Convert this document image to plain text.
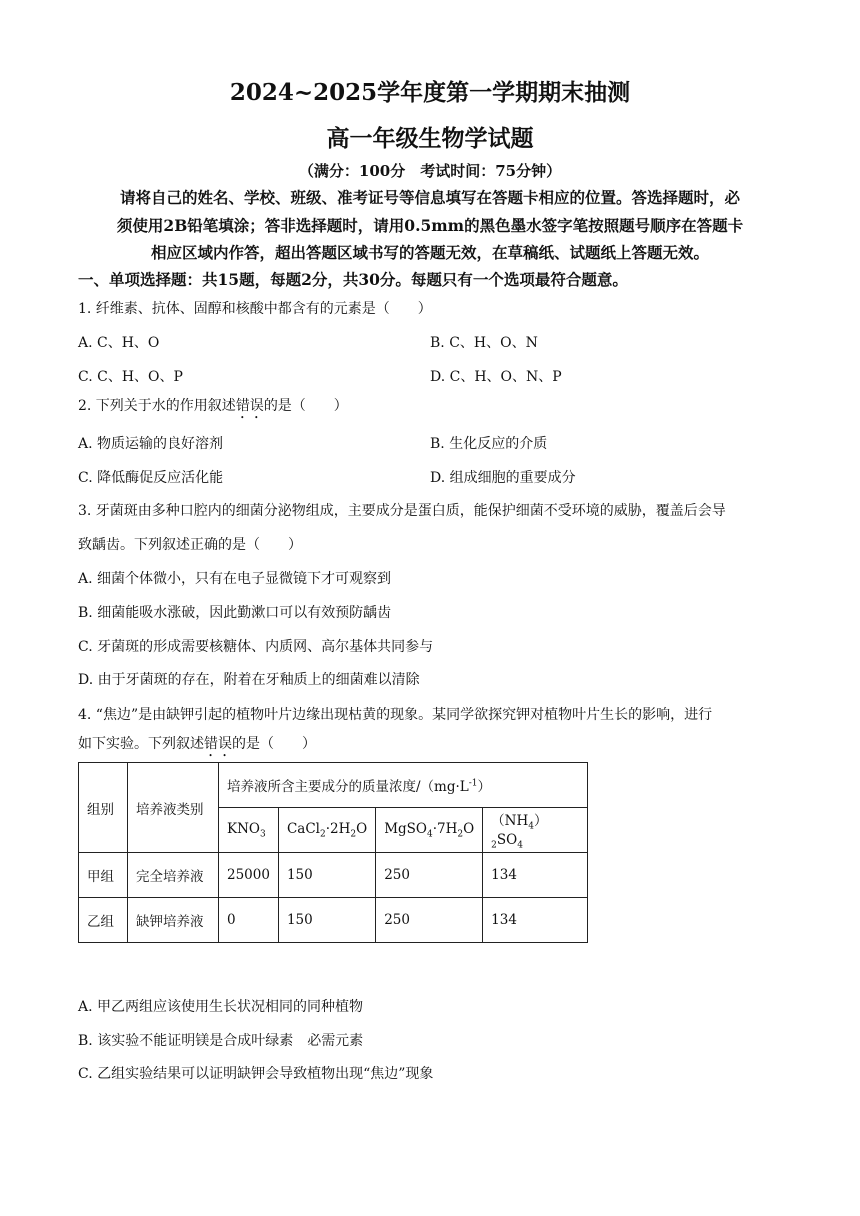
2024~2025学年度第一学期期末抽测
高一年级生物学试题
（满分：100分　考试时间：75分钟）
请将自己的姓名、学校、班级、准考证号等信息填写在答题卡相应的位置。答选择题时，必
须使用2B铅笔填涂；答非选择题时，请用0.5mm的黑色墨水签字笔按照题号顺序在答题卡
相应区域内作答，超出答题区域书写的答题无效，在草稿纸、试题纸上答题无效。
一、单项选择题：共15题，每题2分，共30分。每题只有一个选项最符合题意。
1. 纤维素、抗体、固醇和核酸中都含有的元素是（　　）
A. C、H、O	B. C、H、O、N
C. C、H、O、P	D. C、H、O、N、P
2. 下列关于水的作用叙述错误的是（　　）
A. 物质运输的良好溶剂	B. 生化反应的介质
C. 降低酶促反应活化能	D. 组成细胞的重要成分
3. 牙菌斑由多种口腔内的细菌分泌物组成，主要成分是蛋白质，能保护细菌不受环境的威胁，覆盖后会导
致龋齿。下列叙述正确的是（　　）
A. 细菌个体微小，只有在电子显微镜下才可观察到
B. 细菌能吸水涨破，因此勤漱口可以有效预防龋齿
C. 牙菌斑的形成需要核糖体、内质网、高尔基体共同参与
D. 由于牙菌斑的存在，附着在牙釉质上的细菌难以清除
4. “焦边”是由缺钾引起的植物叶片边缘出现枯黄的现象。某同学欲探究钾对植物叶片生长的影响，进行
如下实验。下列叙述错误的是（　　）
组别	培养液类别	培养液所含主要成分的质量浓度$/(mg\cdot L^{-1})$			
		$KNO_3$	$CaCl_2\cdot 2H_2O$	$MgSO_4\cdot 7H_2O$	$(NH_4)_2SO_4$
甲组	完全培养液	25000	150	250	134
乙组	缺钾培养液	0	150	250	134
A. 甲乙两组应该使用生长状况相同的同种植物
B. 该实验不能证明镁是合成叶绿素　必需元素
C. 乙组实验结果可以证明缺钾会导致植物出现“焦边”现象
